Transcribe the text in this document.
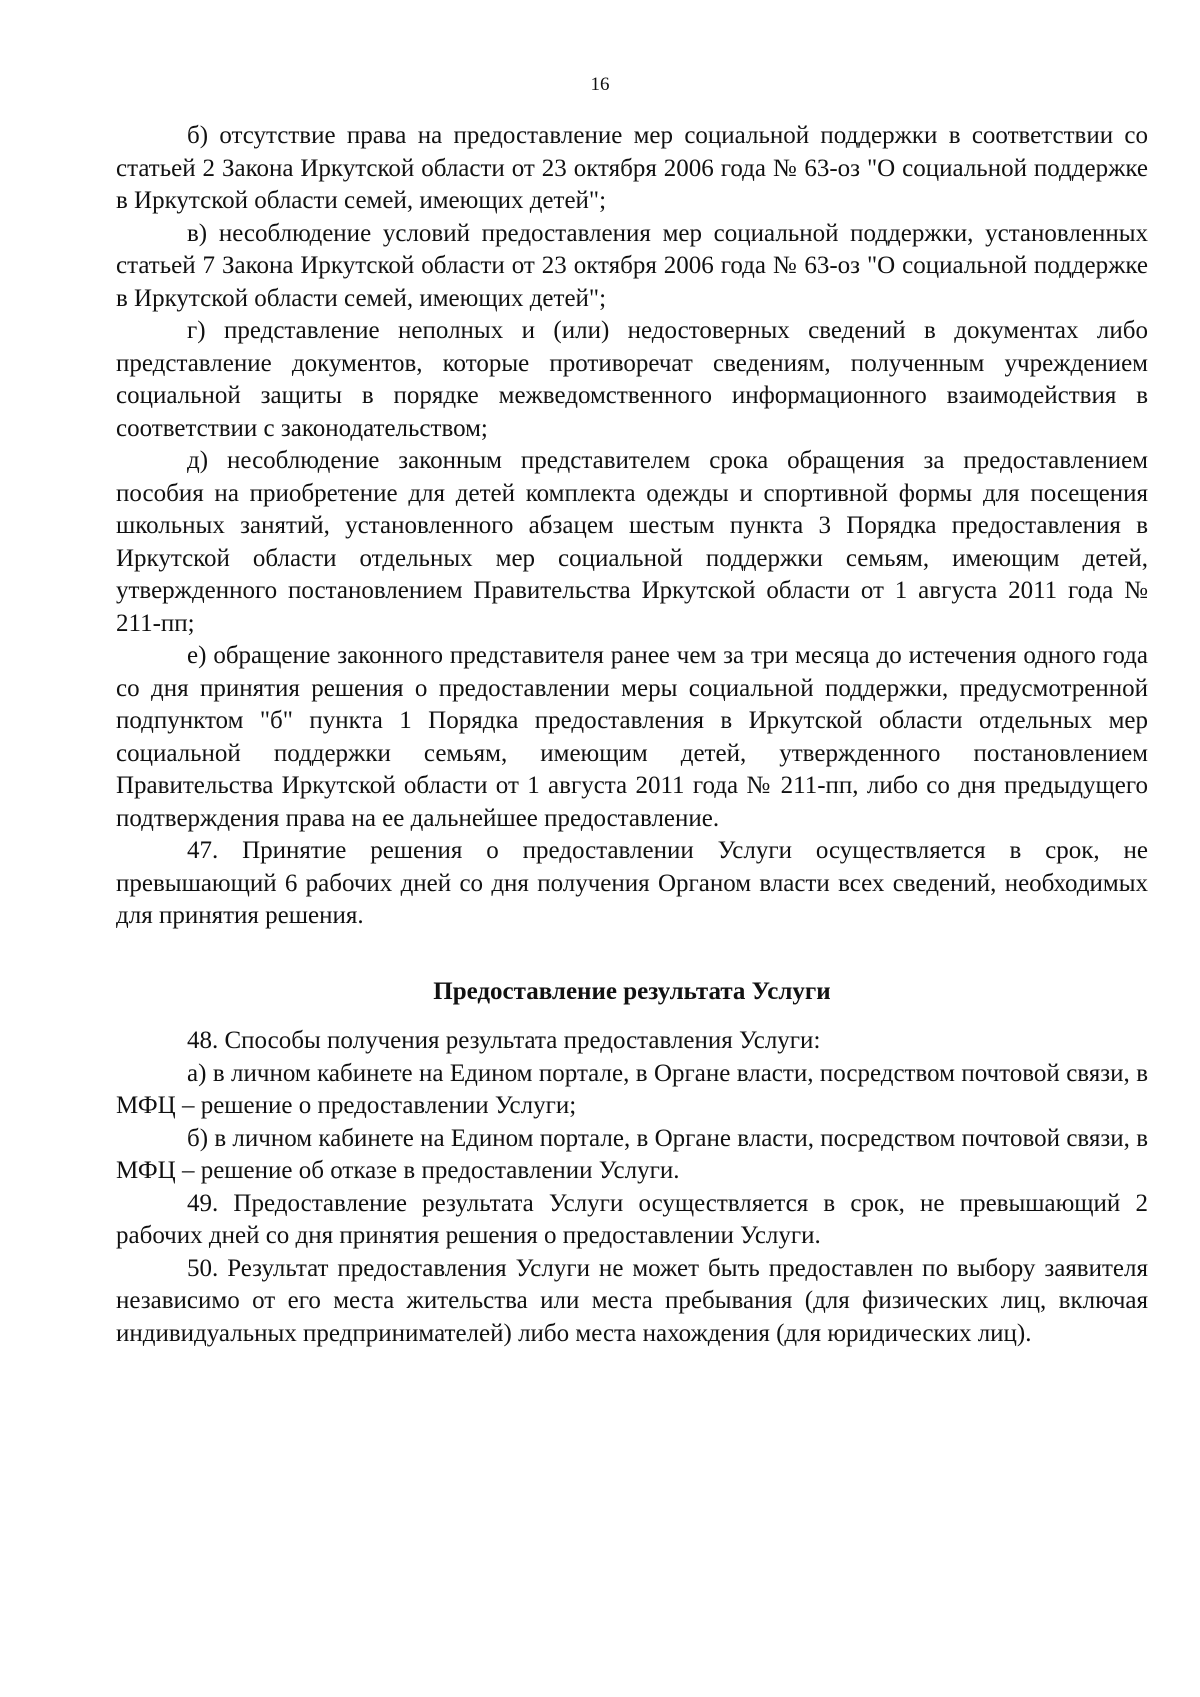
16

б) отсутствие права на предоставление мер социальной поддержки в соответствии со статьей 2 Закона Иркутской области от 23 октября 2006 года № 63-оз "О социальной поддержке в Иркутской области семей, имеющих детей";

в) несоблюдение условий предоставления мер социальной поддержки, установленных статьей 7 Закона Иркутской области от 23 октября 2006 года № 63-оз "О социальной поддержке в Иркутской области семей, имеющих детей";

г) представление неполных и (или) недостоверных сведений в документах либо представление документов, которые противоречат сведениям, полученным учреждением социальной защиты в порядке межведомственного информационного взаимодействия в соответствии с законодательством;

д) несоблюдение законным представителем срока обращения за предоставлением пособия на приобретение для детей комплекта одежды и спортивной формы для посещения школьных занятий, установленного абзацем шестым пункта 3 Порядка предоставления в Иркутской области отдельных мер социальной поддержки семьям, имеющим детей, утвержденного постановлением Правительства Иркутской области от 1 августа 2011 года № 211-пп;

е) обращение законного представителя ранее чем за три месяца до истечения одного года со дня принятия решения о предоставлении меры социальной поддержки, предусмотренной подпунктом "б" пункта 1 Порядка предоставления в Иркутской области отдельных мер социальной поддержки семьям, имеющим детей, утвержденного постановлением Правительства Иркутской области от 1 августа 2011 года № 211-пп, либо со дня предыдущего подтверждения права на ее дальнейшее предоставление.

47. Принятие решения о предоставлении Услуги осуществляется в срок, не превышающий 6 рабочих дней со дня получения Органом власти всех сведений, необходимых для принятия решения.

Предоставление результата Услуги

48. Способы получения результата предоставления Услуги:

а) в личном кабинете на Едином портале, в Органе власти, посредством почтовой связи, в МФЦ – решение о предоставлении Услуги;

б) в личном кабинете на Едином портале, в Органе власти, посредством почтовой связи, в МФЦ – решение об отказе в предоставлении Услуги.

49. Предоставление результата Услуги осуществляется в срок, не превышающий 2 рабочих дней со дня принятия решения о предоставлении Услуги.

50. Результат предоставления Услуги не может быть предоставлен по выбору заявителя независимо от его места жительства или места пребывания (для физических лиц, включая индивидуальных предпринимателей) либо места нахождения (для юридических лиц).
